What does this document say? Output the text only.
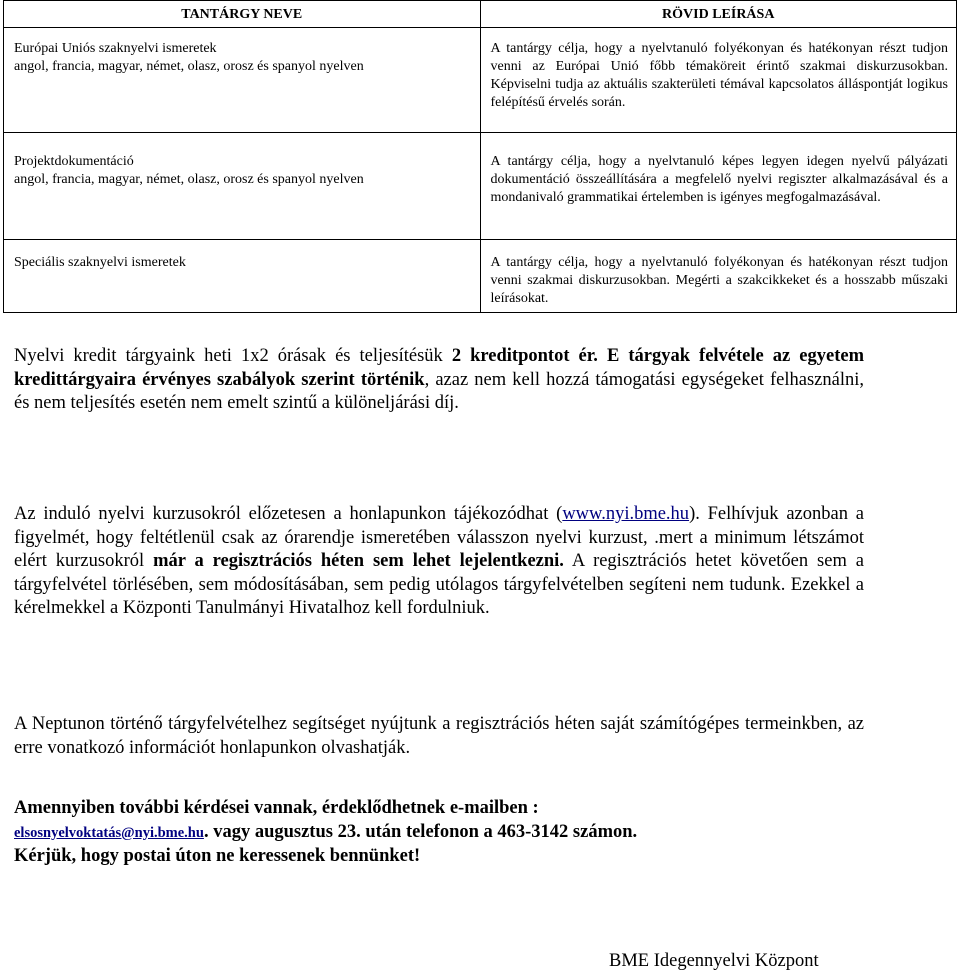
TANTÁRGY NEVE	RÖVID LEÍRÁSA

Európai Uniós szaknyelvi ismeretek
angol, francia, magyar, német, olasz, orosz és spanyol nyelven	A tantárgy célja, hogy a nyelvtanuló folyékonyan és hatékonyan részt tudjon venni az Európai Unió főbb témaköreit érintő szakmai diskurzusokban. Képviselni tudja az aktuális szakterületi témával kapcsolatos álláspontját logikus felépítésű érvelés során.

Projektdokumentáció
angol, francia, magyar, német, olasz, orosz és spanyol nyelven	A tantárgy célja, hogy a nyelvtanuló képes legyen idegen nyelvű pályázati dokumentáció összeállítására a megfelelő nyelvi regiszter alkalmazásával és a mondanivaló grammatikai értelemben is igényes megfogalmazásával.

Speciális szaknyelvi ismeretek	A tantárgy célja, hogy a nyelvtanuló folyékonyan és hatékonyan részt tudjon venni szakmai diskurzusokban. Megérti a szakcikkeket és a hosszabb műszaki leírásokat.
Nyelvi kredit tárgyaink heti 1x2 órásak és teljesítésük 2 kreditpontot ér. E tárgyak felvétele az egyetem kredittárgyaira érvényes szabályok szerint történik, azaz nem kell hozzá támogatási egységeket felhasználni, és nem teljesítés esetén nem emelt szintű a különeljárási díj.
Az induló nyelvi kurzusokról előzetesen a honlapunkon tájékozódhat (www.nyi.bme.hu). Felhívjuk azonban a figyelmét, hogy feltétlenül csak az órarendje ismeretében válasszon nyelvi kurzust, .mert a minimum létszámot elért kurzusokról már a regisztrációs héten sem lehet lejelentkezni. A regisztrációs hetet követően sem a tárgyfelvétel törlésében, sem módosításában, sem pedig utólagos tárgyfelvételben segíteni nem tudunk. Ezekkel a kérelmekkel a Központi Tanulmányi Hivatalhoz kell fordulniuk.
A Neptunon történő tárgyfelvételhez segítséget nyújtunk a regisztrációs héten saját számítógépes termeinkben, az erre vonatkozó információt honlapunkon olvashatják.
Amennyiben további kérdései vannak, érdeklődhetnek e-mailben :
elsosnyelvoktatás@nyi.bme.hu. vagy augusztus 23. után telefonon a 463-3142 számon.
Kérjük, hogy postai úton ne keressenek bennünket!
BME Idegennyelvi Központ
